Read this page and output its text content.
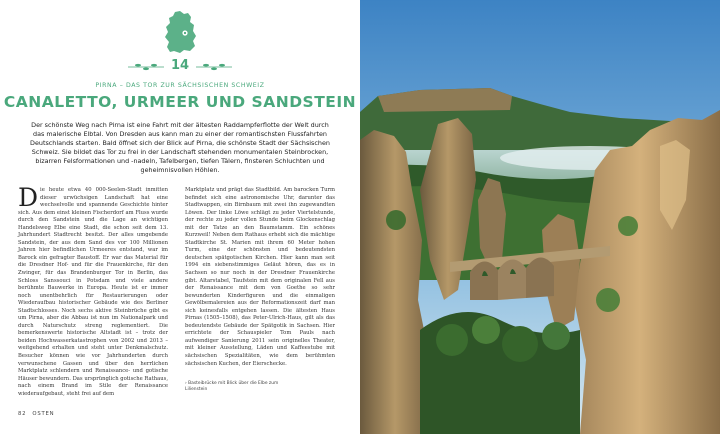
14
PIRNA – DAS TOR ZUR SÄCHSISCHEN SCHWEIZ
CANALETTO, URMEER UND SANDSTEIN
Der schönste Weg nach Pirna ist eine Fahrt mit der ältesten Raddampferflotte der Welt durch das malerische Elbtal. Von Dresden aus kann man zu einer der romantischsten Flussfahrten Deutschlands starten. Bald öffnet sich der Blick auf Pirna, die schönste Stadt der Sächsischen Schweiz. Sie bildet das Tor zu frei in der Landschaft stehenden monumentalen Steinbrocken, bizarren Felsformationen und -nadeln, Tafelbergen, tiefen Tälern, finsteren Schluchten und geheimnisvollen Höhlen.
Die heute etwa 40 000-Seelen-Stadt inmitten dieser urwüchsigen Landschaft hat eine wechselvolle und spannende Geschichte hinter sich. Aus dem einst kleinen Fischerdorf am Fluss wurde durch den Sandstein und die Lage an wichtigen Handelsweg Elbe eine Stadt, die schon seit dem 13. Jahrhundert Stadtrecht besitzt. Der alles umgebende Sandstein, der aus dem Sand des vor 100 Millionen Jahren hier befindlichen Urmeeres entstand, war im Barock ein gefragter Baustoff. Er war das Material für die Dresdner Hof- und für die Frauenkirche, für den Zwinger, für das Brandenburger Tor in Berlin, das Schloss Sanssouci in Potsdam und viele andere berühmte Bauwerke in Europa. Heute ist er immer noch unentbehrlich für Restaurierungen oder Wiederaufbau historischer Gebäude wie des Berliner Stadtschlosses. Noch sechs aktive Steinbrüche gibt es um Pirna, aber die Abbau ist nun im Nationalpark und durch Naturschutz streng reglementiert. Die bemerkenswerte historische Altstadt ist – trotz der beiden Hochwasserkatastrophen von 2002 und 2013 – weitgehend erhalten und steht unter Denkmalschutz. Besucher können wie vor Jahrhunderten durch verwunschene Gassen und über den herrlichen Marktplatz schlendern und Renaissance- und gotische Häuser bewundern. Das ursprünglich gotische Rathaus, nach einem Brand im Stile der Renaissance wiederaufgebaut, steht frei auf dem
Marktplatz und prägt das Stadtbild. Am barocken Turm befindet sich eine astronomische Uhr, darunter das Stadtwappen, ein Birnbaum mit zwei ihn zugewandten Löwen. Der linke Löwe schlägt zu jeder Viertelstunde, der rechte zu jeder vollen Stunde beim Glockenschlag mit der Tatze an den Baumstamm. Ein schönes Kurzweil! Neben dem Rathaus erhebt sich die mächtige Stadtkirche St. Marien mit ihrem 60 Meter hohen Turm, eine der schönsten und bedeutendsten deutschen spätgotischen Kirchen. Hier kann man seit 1994 ein siebenstimmiges Geläut hören, das es in Sachsen so nur noch in der Dresdner Frauenkirche gibt. Altarstabel, Taufstein mit dem originalen Fell aus der Renaissance mit dem von Goethe so sehr bewunderten Kinderfiguren und die einmaligen Gewölbemalereien aus der Reformationszeit darf man sich keinesfalls entgehen lassen. Die ältesten Haus Pirnas (1505–1508), das Peter-Ulrich-Haus, gilt als das bedeutendste Gebäude der Spätgotik in Sachsen. Hier errichtete der Schauspieler Tom Pauls nach aufwendiger Sanierung 2011 sein originelles Theater, mit kleiner Ausstellung, Läden und Kaffeestube mit sächsischen Spezialitäten, wie dem berühmten sächsischen Kuchen, der Eierschecke.
› Basteibrücke mit Blick über die Elbe zum Lilienstein
82 OSTEN
